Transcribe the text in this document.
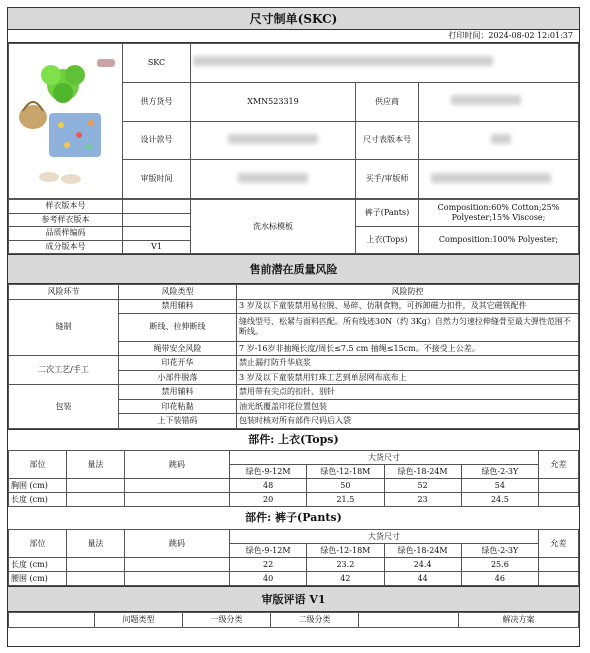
尺寸制单(SKC)
打印时间：2024-08-02 12:01:37
	SKC			
	供方货号	XMN523319	供应商	
	设计款号		尺寸表版本号	
	审版时间		买手/审版师	
样衣版本号		洗水标模板	裤子(Pants)	Composition:60% Cotton;25% Polyester;15% Viscose;
参考样衣版本				
品质样编码			上衣(Tops)	Composition:100% Polyester;
成分版本号	V1			
售前潜在质量风险
风险环节	风险类型	风险防控
缝制	禁用辅料	3 岁及以下童装禁用易拉脱、易碎、仿制食物，可拆卸磁力扣件，及其它磁铁配件
	断线、拉伸断线	缝线型号、松紧与面料匹配。所有线迹30N（约 3Kg）自然力匀速拉伸缝骨至最大弹性范围不断线。
	绳带安全风险	7 岁-16岁非抽绳长度/周长≤7.5 cm 抽绳≤15cm。不接受上公差。
二次工艺/手工	印花开华	禁止漏打防升华底浆
	小部件脱落	3 岁及以下童装禁用钉珠工艺到单层网布底布上
包装	禁用辅料	禁用带有尖点的扣针、别针
	印花粘黏	油光纸覆盖印花位置包装
	上下装错码	包装时核对所有部件尺码后入袋
部件: 上衣(Tops)
部位	量法	跳码	大货尺寸				允差
			绿色-9-12M	绿色-12-18M	绿色-18-24M	绿色-2-3Y	
胸围 (cm)			48	50	52	54	
长度 (cm)			20	21.5	23	24.5	
部件: 裤子(Pants)
部位	量法	跳码	大货尺寸				允差
			绿色-9-12M	绿色-12-18M	绿色-18-24M	绿色-2-3Y	
长度 (cm)			22	23.2	24.4	25.6	
腰围 (cm)			40	42	44	46	
审版评语 V1
	问题类型	一级分类	二级分类		解决方案
